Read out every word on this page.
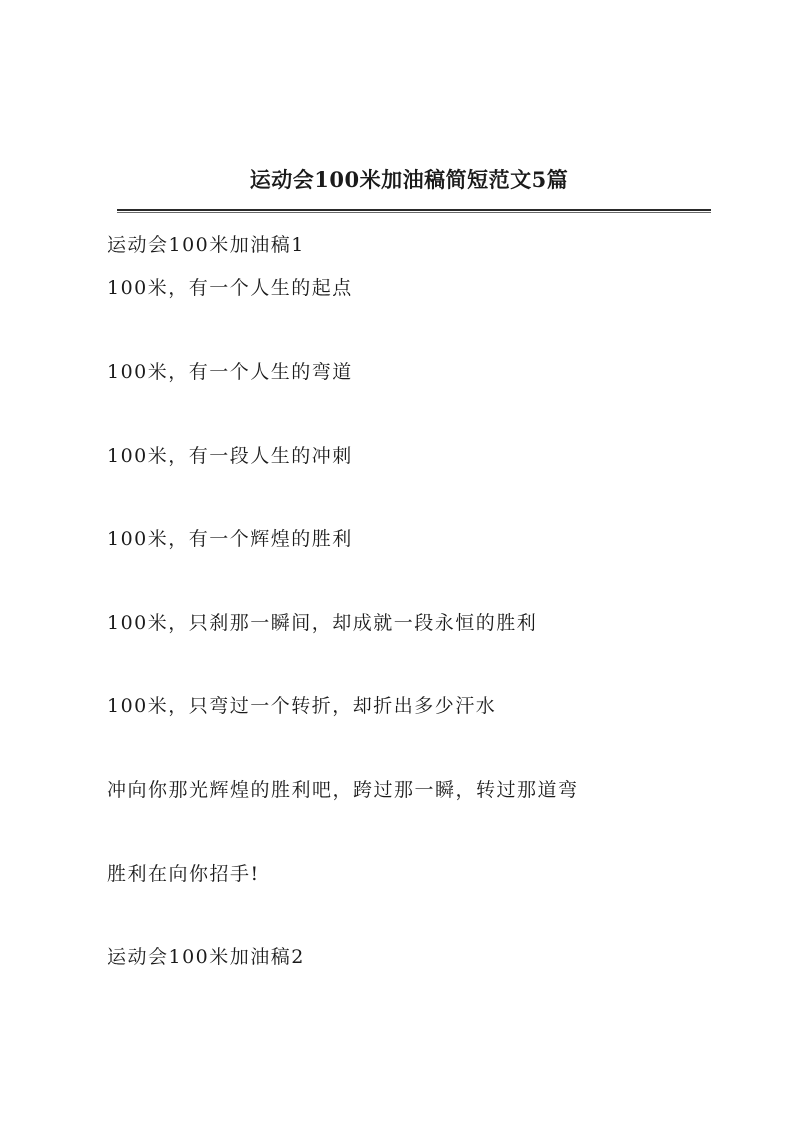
运动会100米加油稿简短范文5篇
运动会100米加油稿1
100米，有一个人生的起点
100米，有一个人生的弯道
100米，有一段人生的冲刺
100米，有一个辉煌的胜利
100米，只刹那一瞬间，却成就一段永恒的胜利
100米，只弯过一个转折，却折出多少汗水
冲向你那光辉煌的胜利吧，跨过那一瞬，转过那道弯
胜利在向你招手!
运动会100米加油稿2
